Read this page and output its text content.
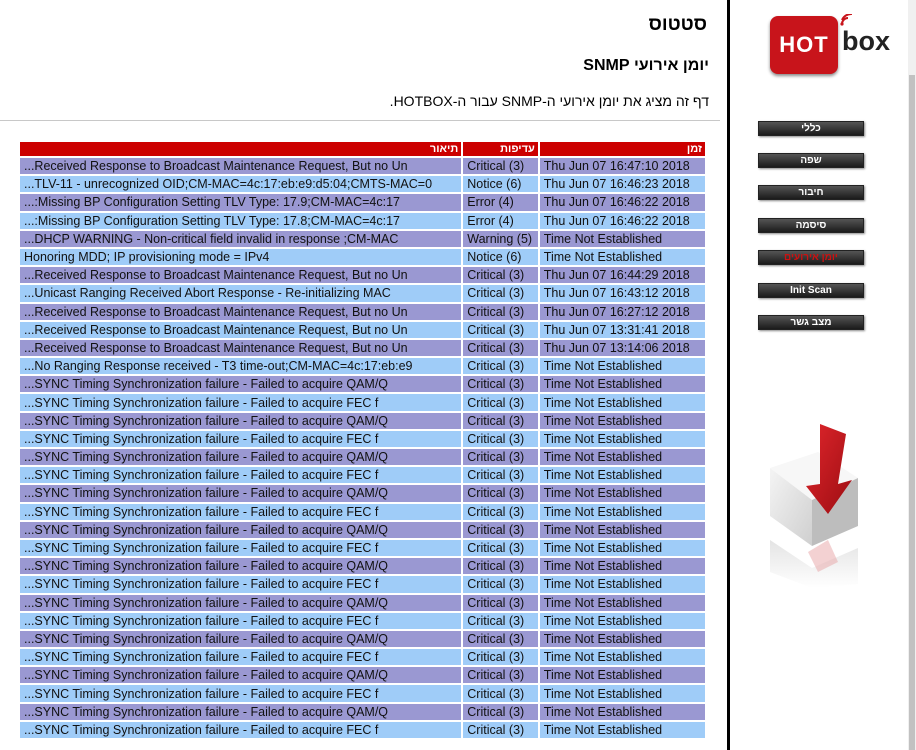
סטטוס
יומן אירועי SNMP

דף זה מציג את יומן אירועי ה-SNMP עבור ה-HOTBOX.

זמן	עדיפות	תיאור
Thu Jun 07 16:47:10 2018	Critical (3)	Received Response to Broadcast Maintenance Request, But no Un...
Thu Jun 07 16:46:23 2018	Notice (6)	TLV-11 - unrecognized OID;CM-MAC=4c:17:eb:e9:d5:04;CMTS-MAC=0...
Thu Jun 07 16:46:22 2018	Error (4)	Missing BP Configuration Setting TLV Type: 17.9;CM-MAC=4c:17:...
Thu Jun 07 16:46:22 2018	Error (4)	Missing BP Configuration Setting TLV Type: 17.8;CM-MAC=4c:17:...
Time Not Established	Warning (5)	DHCP WARNING - Non-critical field invalid in response ;CM-MAC...
Time Not Established	Notice (6)	Honoring MDD; IP provisioning mode = IPv4
Thu Jun 07 16:44:29 2018	Critical (3)	Received Response to Broadcast Maintenance Request, But no Un...
Thu Jun 07 16:43:12 2018	Critical (3)	Unicast Ranging Received Abort Response - Re-initializing MAC...
Thu Jun 07 16:27:12 2018	Critical (3)	Received Response to Broadcast Maintenance Request, But no Un...
Thu Jun 07 13:31:41 2018	Critical (3)	Received Response to Broadcast Maintenance Request, But no Un...
Thu Jun 07 13:14:06 2018	Critical (3)	Received Response to Broadcast Maintenance Request, But no Un...
Time Not Established	Critical (3)	No Ranging Response received - T3 time-out;CM-MAC=4c:17:eb:e9...
Time Not Established	Critical (3)	SYNC Timing Synchronization failure - Failed to acquire QAM/Q...
Time Not Established	Critical (3)	SYNC Timing Synchronization failure - Failed to acquire FEC f...
Time Not Established	Critical (3)	SYNC Timing Synchronization failure - Failed to acquire QAM/Q...
Time Not Established	Critical (3)	SYNC Timing Synchronization failure - Failed to acquire FEC f...
Time Not Established	Critical (3)	SYNC Timing Synchronization failure - Failed to acquire QAM/Q...
Time Not Established	Critical (3)	SYNC Timing Synchronization failure - Failed to acquire FEC f...
Time Not Established	Critical (3)	SYNC Timing Synchronization failure - Failed to acquire QAM/Q...
Time Not Established	Critical (3)	SYNC Timing Synchronization failure - Failed to acquire FEC f...
Time Not Established	Critical (3)	SYNC Timing Synchronization failure - Failed to acquire QAM/Q...
Time Not Established	Critical (3)	SYNC Timing Synchronization failure - Failed to acquire FEC f...
Time Not Established	Critical (3)	SYNC Timing Synchronization failure - Failed to acquire QAM/Q...
Time Not Established	Critical (3)	SYNC Timing Synchronization failure - Failed to acquire FEC f...
Time Not Established	Critical (3)	SYNC Timing Synchronization failure - Failed to acquire QAM/Q...
Time Not Established	Critical (3)	SYNC Timing Synchronization failure - Failed to acquire FEC f...
Time Not Established	Critical (3)	SYNC Timing Synchronization failure - Failed to acquire QAM/Q...
Time Not Established	Critical (3)	SYNC Timing Synchronization failure - Failed to acquire FEC f...
Time Not Established	Critical (3)	SYNC Timing Synchronization failure - Failed to acquire QAM/Q...
Time Not Established	Critical (3)	SYNC Timing Synchronization failure - Failed to acquire FEC f...
Time Not Established	Critical (3)	SYNC Timing Synchronization failure - Failed to acquire QAM/Q...
Time Not Established	Critical (3)	SYNC Timing Synchronization failure - Failed to acquire FEC f...
HOT box
כללי
שפה
חיבור
סיסמה
יומן אירועים
Init Scan
מצב גשר
